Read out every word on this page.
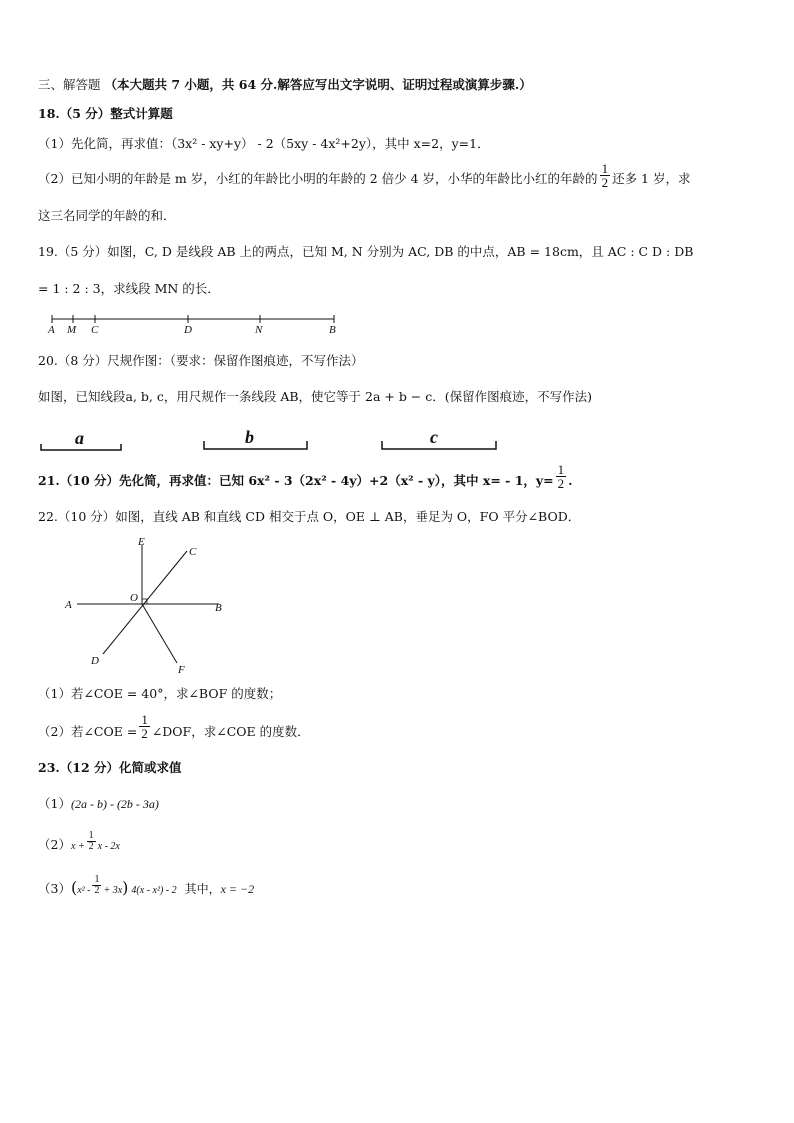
三、解答题 （本大题共 7 小题，共 64 分.解答应写出文字说明、证明过程或演算步骤.）
18.（5 分）整式计算题
（1）先化简，再求值：（3x² - xy+y） - 2（5xy - 4x²+2y），其中 x=2，y=1．
（2）已知小明的年龄是 m 岁，小红的年龄比小明的年龄的 2 倍少 4 岁，小华的年龄比小红的年龄的 $\frac{1}{2}$ 还多 1 岁，求
这三名同学的年龄的和．
19.（5 分）如图，C, D 是线段 AB 上的两点，已知 M, N 分别为 AC, DB 的中点，AB = 18cm，且 AC : C D : DB
= 1 : 2 : 3，求线段 MN 的长．
A M C	D	N	B
20.（8 分）尺规作图：（要求：保留作图痕迹，不写作法）
如图，已知线段a, b, c，用尺规作一条线段 AB，使它等于 2a + b − c．(保留作图痕迹，不写作法)
a	b	c
21.（10 分）先化简，再求值：已知 6x² - 3（2x² - 4y）+2（x² - y），其中 x= - 1，$y= \frac{1}{2}$ .
22.（10 分）如图，直线 AB 和直线 CD 相交于点 O，OE ⊥ AB，垂足为 O，FO 平分∠BOD．
E
C
A
O
B
D
F
（1）若∠COE = 40°，求∠BOF 的度数；
（2）若∠COE = $\frac{1}{2}$ ∠DOF，求∠COE 的度数．
23.（12 分）化简或求值
（1）(2a - b) - (2b - 3a)
$(2)x + \frac{1}{2}$ x - 2x
$(3)(x^2 - \frac{1}{2} + 3x)$ 4(x - x²) - 2 其中，x = −2
